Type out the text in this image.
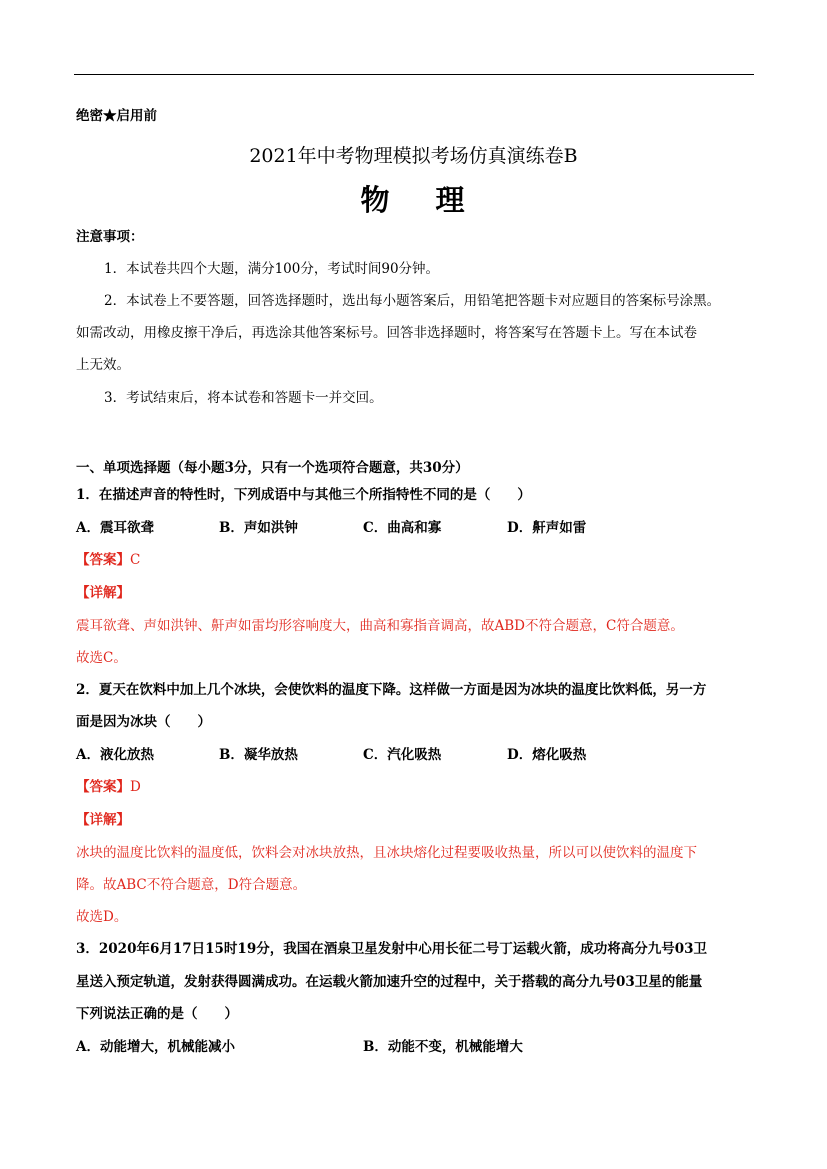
绝密★启用前
2021年中考物理模拟考场仿真演练卷B
物 理
注意事项：
1．本试卷共四个大题，满分100分，考试时间90分钟。
2．本试卷上不要答题，回答选择题时，选出每小题答案后，用铅笔把答题卡对应题目的答案标号涂黑。
如需改动，用橡皮擦干净后，再选涂其他答案标号。回答非选择题时，将答案写在答题卡上。写在本试卷
上无效。
3．考试结束后，将本试卷和答题卡一并交回。
一、单项选择题（每小题3分，只有一个选项符合题意，共30分）
1．在描述声音的特性时，下列成语中与其他三个所指特性不同的是（　　）
A．震耳欲聋	B．声如洪钟	C．曲高和寡	D．鼾声如雷
【答案】C
【详解】
震耳欲聋、声如洪钟、鼾声如雷均形容响度大，曲高和寡指音调高，故ABD不符合题意，C符合题意。
故选C。
2．夏天在饮料中加上几个冰块，会使饮料的温度下降。这样做一方面是因为冰块的温度比饮料低，另一方
面是因为冰块（　　）
A．液化放热	B．凝华放热	C．汽化吸热	D．熔化吸热
【答案】D
【详解】
冰块的温度比饮料的温度低，饮料会对冰块放热，且冰块熔化过程要吸收热量，所以可以使饮料的温度下
降。故ABC不符合题意，D符合题意。
故选D。
3．2020年6月17日15时19分，我国在酒泉卫星发射中心用长征二号丁运载火箭，成功将高分九号03卫
星送入预定轨道，发射获得圆满成功。在运载火箭加速升空的过程中，关于搭载的高分九号03卫星的能量
下列说法正确的是（　　）
A．动能增大，机械能减小	B．动能不变，机械能增大
